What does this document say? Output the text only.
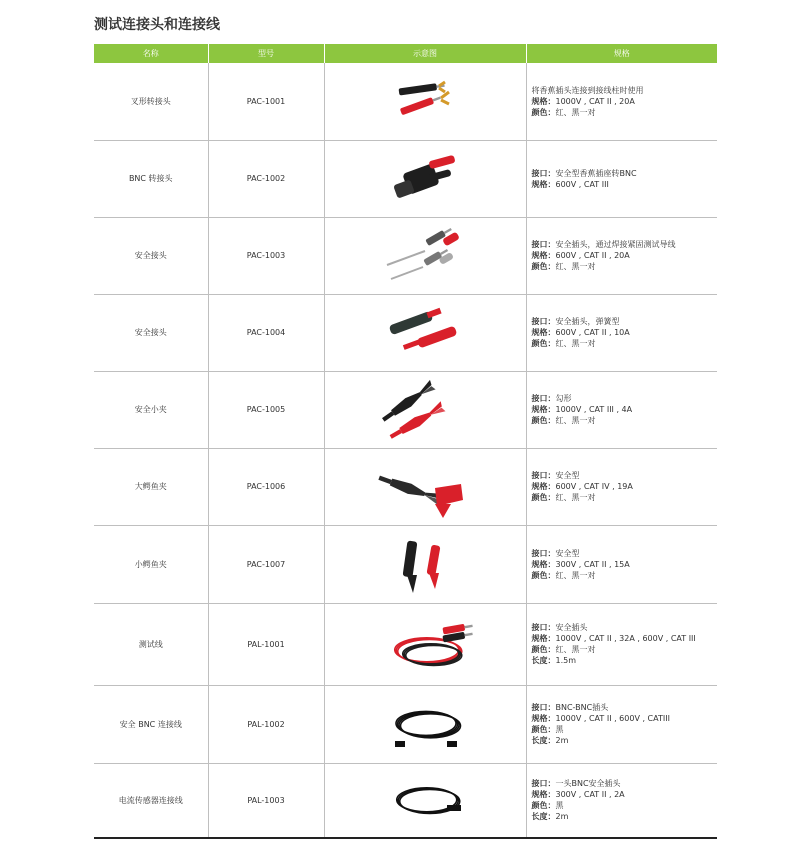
测试连接头和连接线
名称	型号	示意图	规格
叉形转接头	PAC-1001		将香蕉插头连接到接线柱时使用
规格：1000V , CAT II , 20A
颜色：红、黑一对

BNC 转接头	PAC-1002		接口：安全型香蕉插座转BNC
规格：600V , CAT III

安全接头	PAC-1003		接口：安全插头，通过焊接紧固测试导线
规格：600V , CAT II , 20A
颜色：红、黑一对

安全接头	PAC-1004		接口：安全插头，弹簧型
规格：600V , CAT II , 10A
颜色：红、黑一对

安全小夹	PAC-1005		接口：勾形
规格：1000V , CAT III , 4A
颜色：红、黑一对

大鳄鱼夹	PAC-1006		接口：安全型
规格：600V , CAT IV , 19A
颜色：红、黑一对

小鳄鱼夹	PAC-1007		接口：安全型
规格：300V , CAT II , 15A
颜色：红、黑一对

测试线	PAL-1001		接口：安全插头
规格：1000V , CAT II , 32A , 600V , CAT III
颜色：红、黑一对
长度：1.5m

安全 BNC 连接线	PAL-1002		接口：BNC-BNC插头
规格：1000V , CAT II , 600V , CATIII
颜色：黑
长度：2m

电流传感器连接线	PAL-1003		接口：一头BNC安全插头
规格：300V , CAT II , 2A
颜色：黑
长度：2m
